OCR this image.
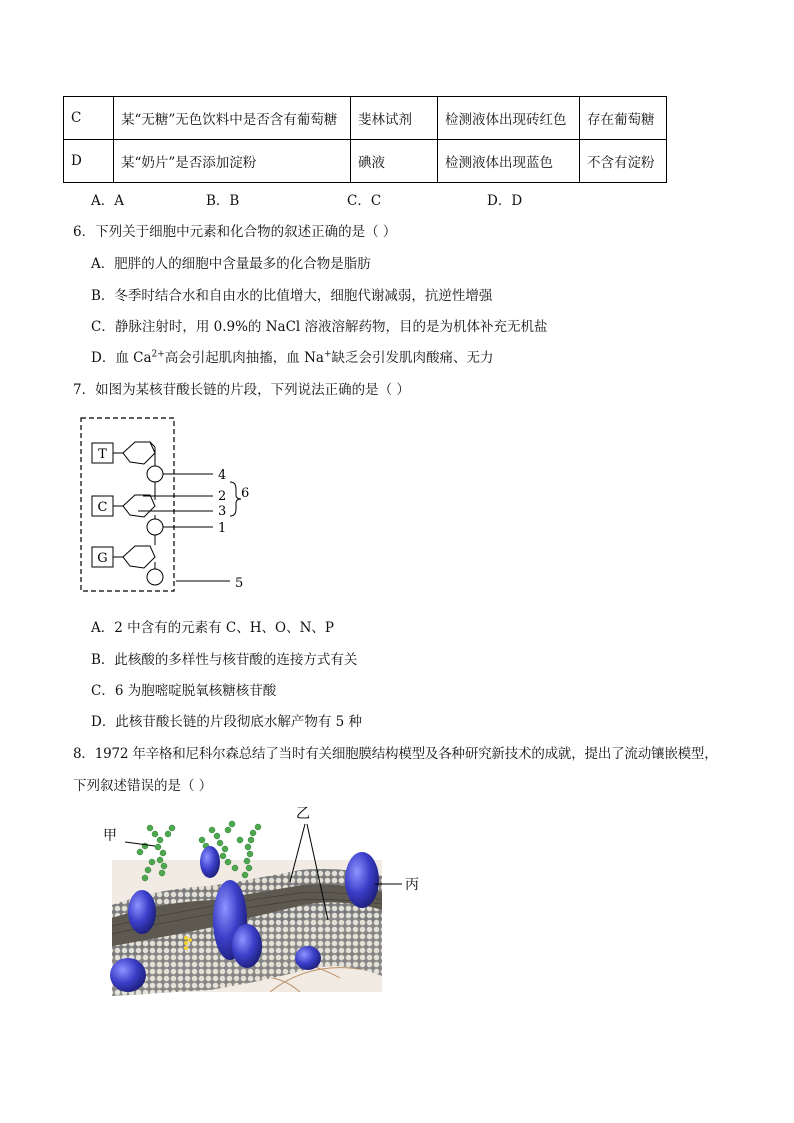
C	某“无糖”无色饮料中是否含有葡萄糖	斐林试剂	检测液体出现砖红色	存在葡萄糖
D	某“奶片”是否添加淀粉	碘液	检测液体出现蓝色	不含有淀粉
A．A	B．B	C．C	D．D
6．下列关于细胞中元素和化合物的叙述正确的是（ ）
A．肥胖的人的细胞中含量最多的化合物是脂肪
B．冬季时结合水和自由水的比值增大，细胞代谢减弱，抗逆性增强
C．静脉注射时，用 0.9%的 NaCl 溶液溶解药物，目的是为机体补充无机盐
D．血 $Ca^{2+}$高会引起肌肉抽搐，血 Na+缺乏会引发肌肉酸痛、无力
7．如图为某核苷酸长链的片段，下列说法正确的是（ ）
T
C
G
4
2
3
1
5
6
A．2 中含有的元素有 C、H、O、N、P
B．此核酸的多样性与核苷酸的连接方式有关
C．6 为胞嘧啶脱氧核糖核苷酸
D．此核苷酸长链的片段彻底水解产物有 5 种
8．1972 年辛格和尼科尔森总结了当时有关细胞膜结构模型及各种研究新技术的成就，提出了流动镶嵌模型，
下列叙述错误的是（ ）
甲
乙
丙
